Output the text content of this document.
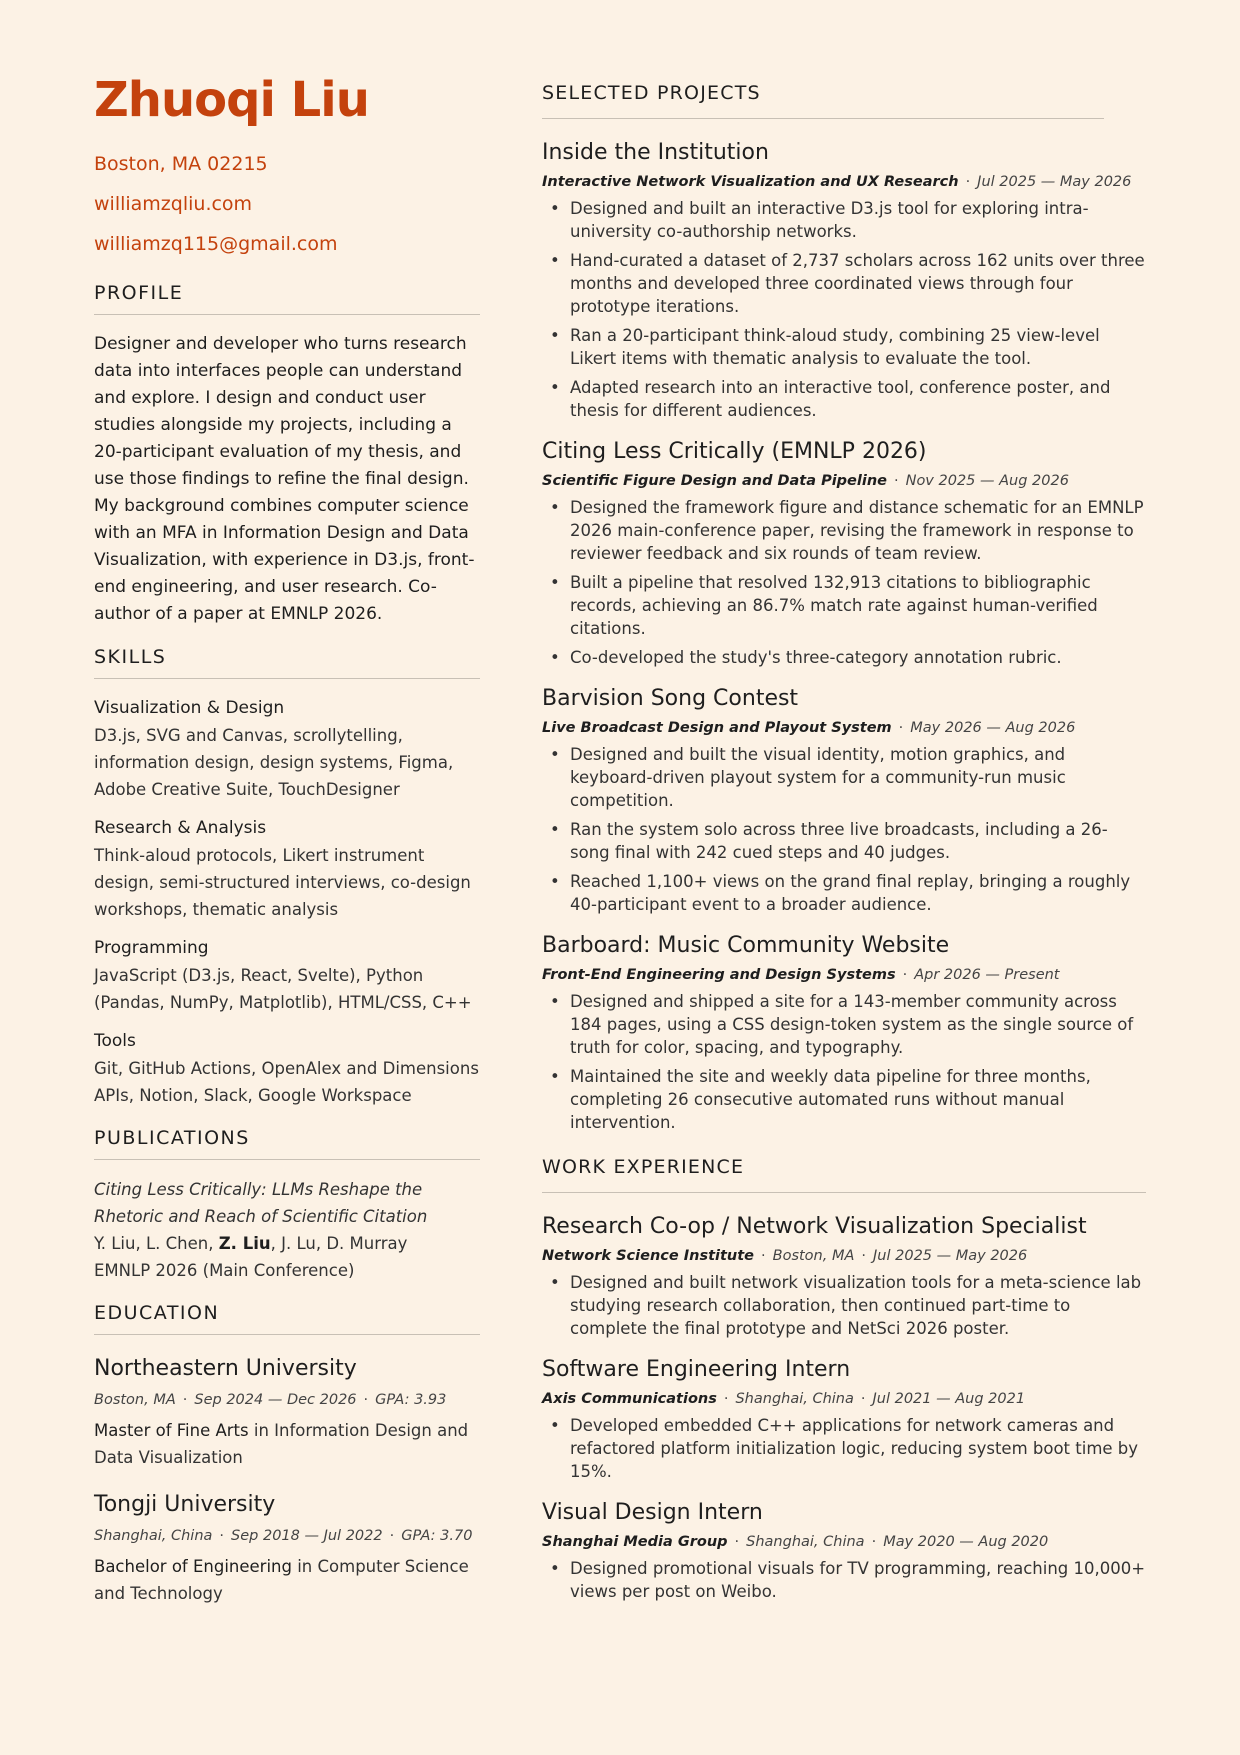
Zhuoqi Liu
Boston, MA 02215
williamzqliu.com
williamzq115@gmail.com
PROFILE
Designer and developer who turns research data into interfaces people can understand and explore. I design and conduct user studies alongside my projects, including a 20-participant evaluation of my thesis, and use those findings to refine the final design. My background combines computer science with an MFA in Information Design and Data Visualization, with experience in D3.js, front-end engineering, and user research. Co-author of a paper at EMNLP 2026.
SKILLS
Visualization & Design
D3.js, SVG and Canvas, scrollytelling, information design, design systems, Figma, Adobe Creative Suite, TouchDesigner
Research & Analysis
Think-aloud protocols, Likert instrument design, semi-structured interviews, co-design workshops, thematic analysis
Programming
JavaScript (D3.js, React, Svelte), Python (Pandas, NumPy, Matplotlib), HTML/CSS, C++
Tools
Git, GitHub Actions, OpenAlex and Dimensions APIs, Notion, Slack, Google Workspace
PUBLICATIONS
Citing Less Critically: LLMs Reshape the Rhetoric and Reach of Scientific Citation
Y. Liu, L. Chen, Z. Liu, J. Lu, D. Murray
EMNLP 2026 (Main Conference)
EDUCATION
Northeastern University
Boston, MA · Sep 2024 — Dec 2026 · GPA: 3.93
Master of Fine Arts in Information Design and Data Visualization
Tongji University
Shanghai, China · Sep 2018 — Jul 2022 · GPA: 3.70
Bachelor of Engineering in Computer Science and Technology
SELECTED PROJECTS
Inside the Institution
Interactive Network Visualization and UX Research · Jul 2025 — May 2026
• Designed and built an interactive D3.js tool for exploring intra-university co-authorship networks.
• Hand-curated a dataset of 2,737 scholars across 162 units over three months and developed three coordinated views through four prototype iterations.
• Ran a 20-participant think-aloud study, combining 25 view-level Likert items with thematic analysis to evaluate the tool.
• Adapted research into an interactive tool, conference poster, and thesis for different audiences.
Citing Less Critically (EMNLP 2026)
Scientific Figure Design and Data Pipeline · Nov 2025 — Aug 2026
• Designed the framework figure and distance schematic for an EMNLP 2026 main-conference paper, revising the framework in response to reviewer feedback and six rounds of team review.
• Built a pipeline that resolved 132,913 citations to bibliographic records, achieving an 86.7% match rate against human-verified citations.
• Co-developed the study's three-category annotation rubric.
Barvision Song Contest
Live Broadcast Design and Playout System · May 2026 — Aug 2026
• Designed and built the visual identity, motion graphics, and keyboard-driven playout system for a community-run music competition.
• Ran the system solo across three live broadcasts, including a 26-song final with 242 cued steps and 40 judges.
• Reached 1,100+ views on the grand final replay, bringing a roughly 40-participant event to a broader audience.
Barboard: Music Community Website
Front-End Engineering and Design Systems · Apr 2026 — Present
• Designed and shipped a site for a 143-member community across 184 pages, using a CSS design-token system as the single source of truth for color, spacing, and typography.
• Maintained the site and weekly data pipeline for three months, completing 26 consecutive automated runs without manual intervention.
WORK EXPERIENCE
Research Co-op / Network Visualization Specialist
Network Science Institute · Boston, MA · Jul 2025 — May 2026
• Designed and built network visualization tools for a meta-science lab studying research collaboration, then continued part-time to complete the final prototype and NetSci 2026 poster.
Software Engineering Intern
Axis Communications · Shanghai, China · Jul 2021 — Aug 2021
• Developed embedded C++ applications for network cameras and refactored platform initialization logic, reducing system boot time by 15%.
Visual Design Intern
Shanghai Media Group · Shanghai, China · May 2020 — Aug 2020
• Designed promotional visuals for TV programming, reaching 10,000+ views per post on Weibo.
